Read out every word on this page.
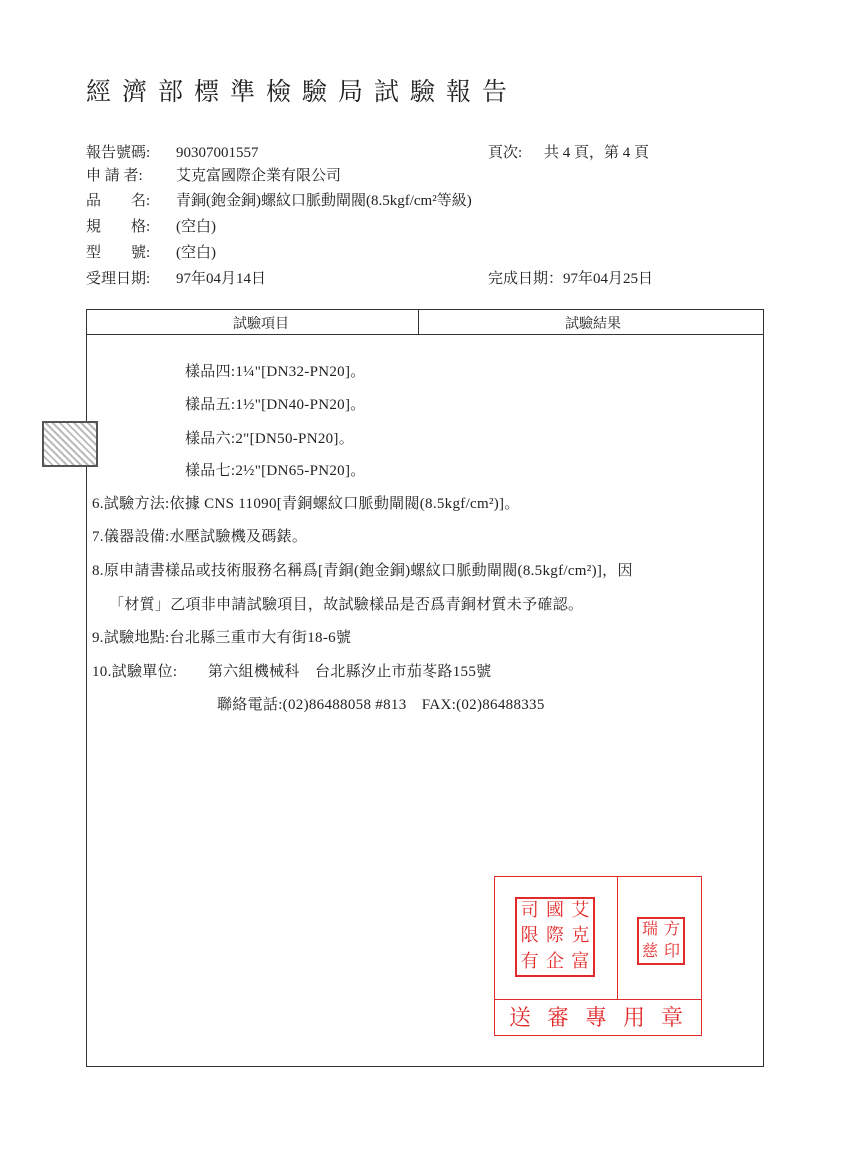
經濟部標準檢驗局試驗報告
報告號碼: 90307001557	頁次: 共 4 頁，第 4 頁
申 請 者: 艾克富國際企業有限公司
品　　名: 青銅(鉋金銅)螺紋口脈動閘閥(8.5kgf/cm²等級)
規　　格: (空白)
型　　號: (空白)
受理日期: 97年04月14日	完成日期：97年04月25日
試驗項目	試驗結果
樣品四:1¼"[DN32-PN20]。
樣品五:1½"[DN40-PN20]。
樣品六:2"[DN50-PN20]。
樣品七:2½"[DN65-PN20]。
6.試驗方法:依據 CNS 11090[青銅螺紋口脈動閘閥(8.5kgf/cm²)]。
7.儀器設備:水壓試驗機及碼錶。
8.原申請書樣品或技術服務名稱爲[青銅(鉋金銅)螺紋口脈動閘閥(8.5kgf/cm²)]，因
「材質」乙項非申請試驗項目，故試驗樣品是否爲青銅材質未予確認。
9.試驗地點:台北縣三重市大有街18-6號
10.試驗單位:　　第六組機械科　台北縣汐止市茄苳路155號
聯絡電話:(02)86488058 #813　FAX:(02)86488335
司 國 艾
限 際 克
有 企 富
瑞 方
慈 印
送審專用章
